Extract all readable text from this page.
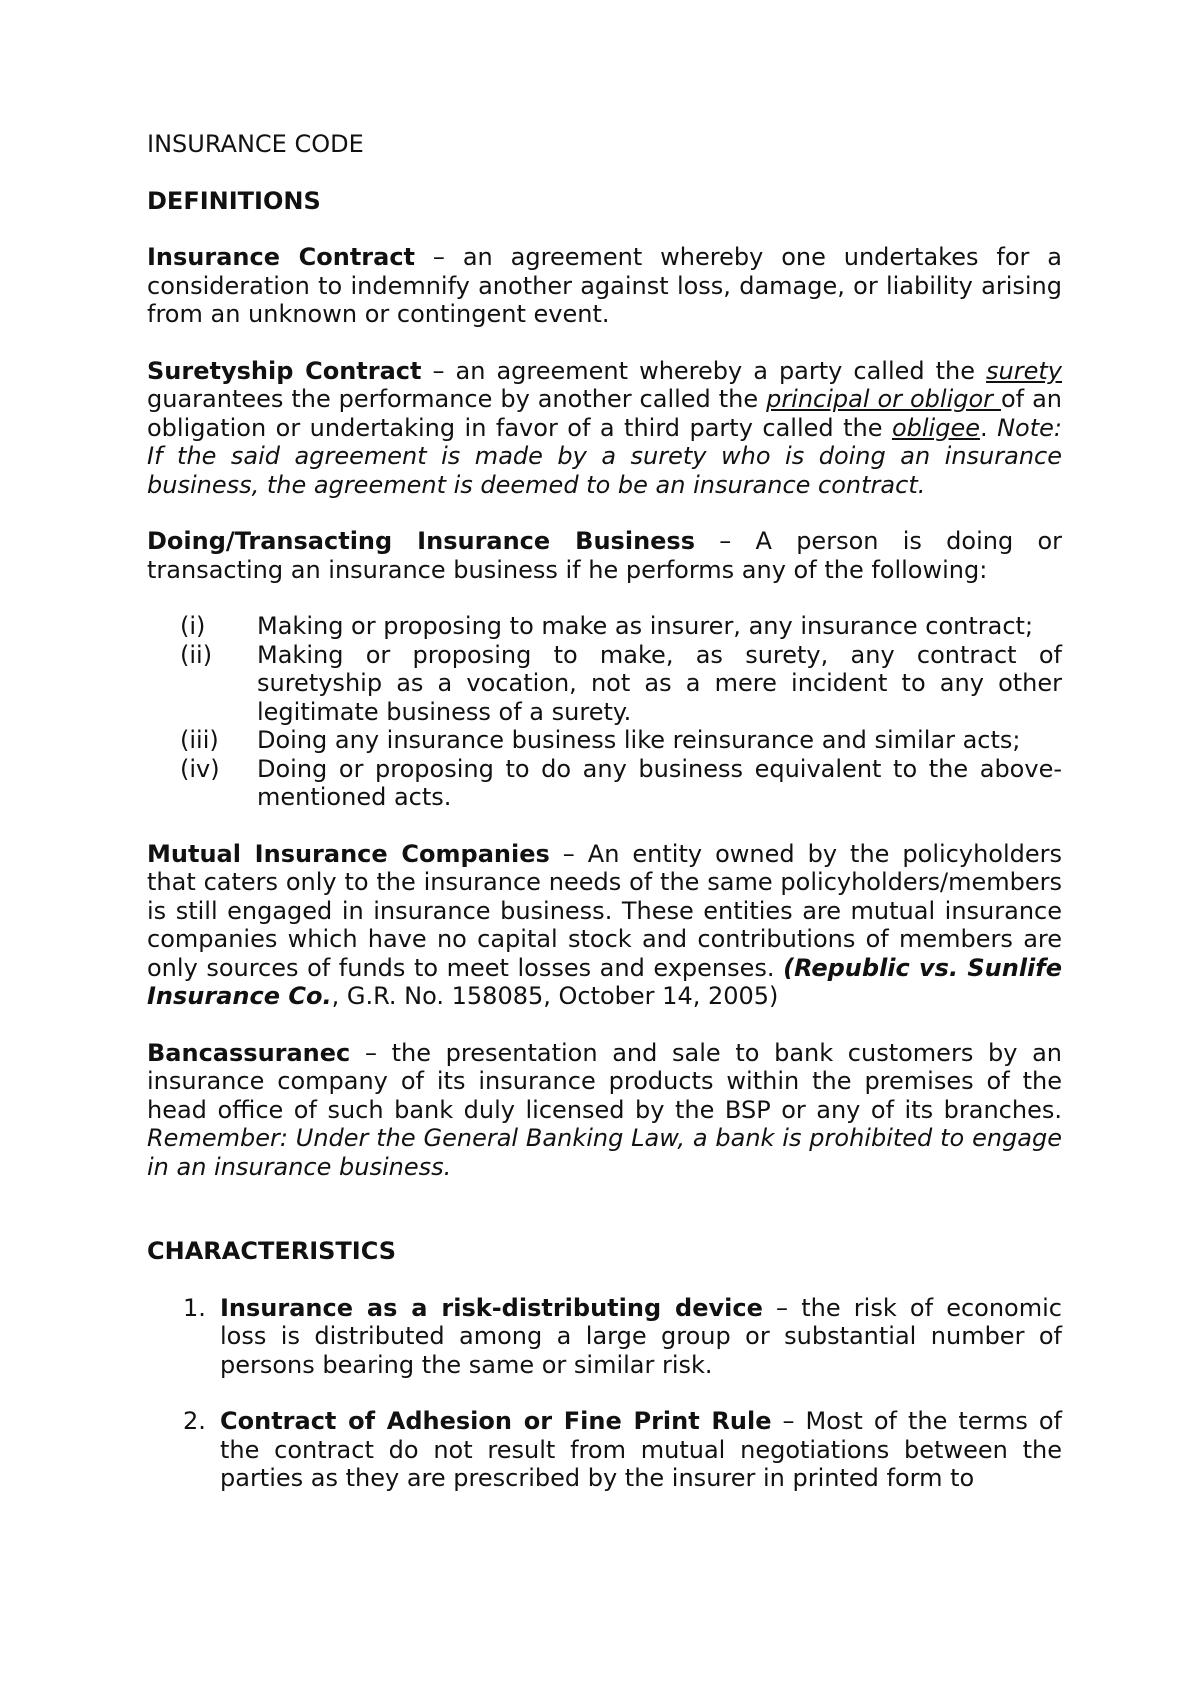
INSURANCE CODE

DEFINITIONS

Insurance Contract – an agreement whereby one undertakes for a consideration to indemnify another against loss, damage, or liability arising from an unknown or contingent event.

Suretyship Contract – an agreement whereby a party called the surety guarantees the performance by another called the principal or obligor of an obligation or undertaking in favor of a third party called the obligee. Note: If the said agreement is made by a surety who is doing an insurance business, the agreement is deemed to be an insurance contract.

Doing/Transacting Insurance Business – A person is doing or transacting an insurance business if he performs any of the following:

(i) Making or proposing to make as insurer, any insurance contract;
(ii) Making or proposing to make, as surety, any contract of suretyship as a vocation, not as a mere incident to any other legitimate business of a surety.
(iii) Doing any insurance business like reinsurance and similar acts;
(iv) Doing or proposing to do any business equivalent to the above-mentioned acts.

Mutual Insurance Companies – An entity owned by the policyholders that caters only to the insurance needs of the same policyholders/members is still engaged in insurance business. These entities are mutual insurance companies which have no capital stock and contributions of members are only sources of funds to meet losses and expenses. (Republic vs. Sunlife Insurance Co., G.R. No. 158085, October 14, 2005)

Bancassuranec – the presentation and sale to bank customers by an insurance company of its insurance products within the premises of the head office of such bank duly licensed by the BSP or any of its branches. Remember: Under the General Banking Law, a bank is prohibited to engage in an insurance business.

CHARACTERISTICS

1. Insurance as a risk-distributing device – the risk of economic loss is distributed among a large group or substantial number of persons bearing the same or similar risk.
2. Contract of Adhesion or Fine Print Rule – Most of the terms of the contract do not result from mutual negotiations between the parties as they are prescribed by the insurer in printed form to
